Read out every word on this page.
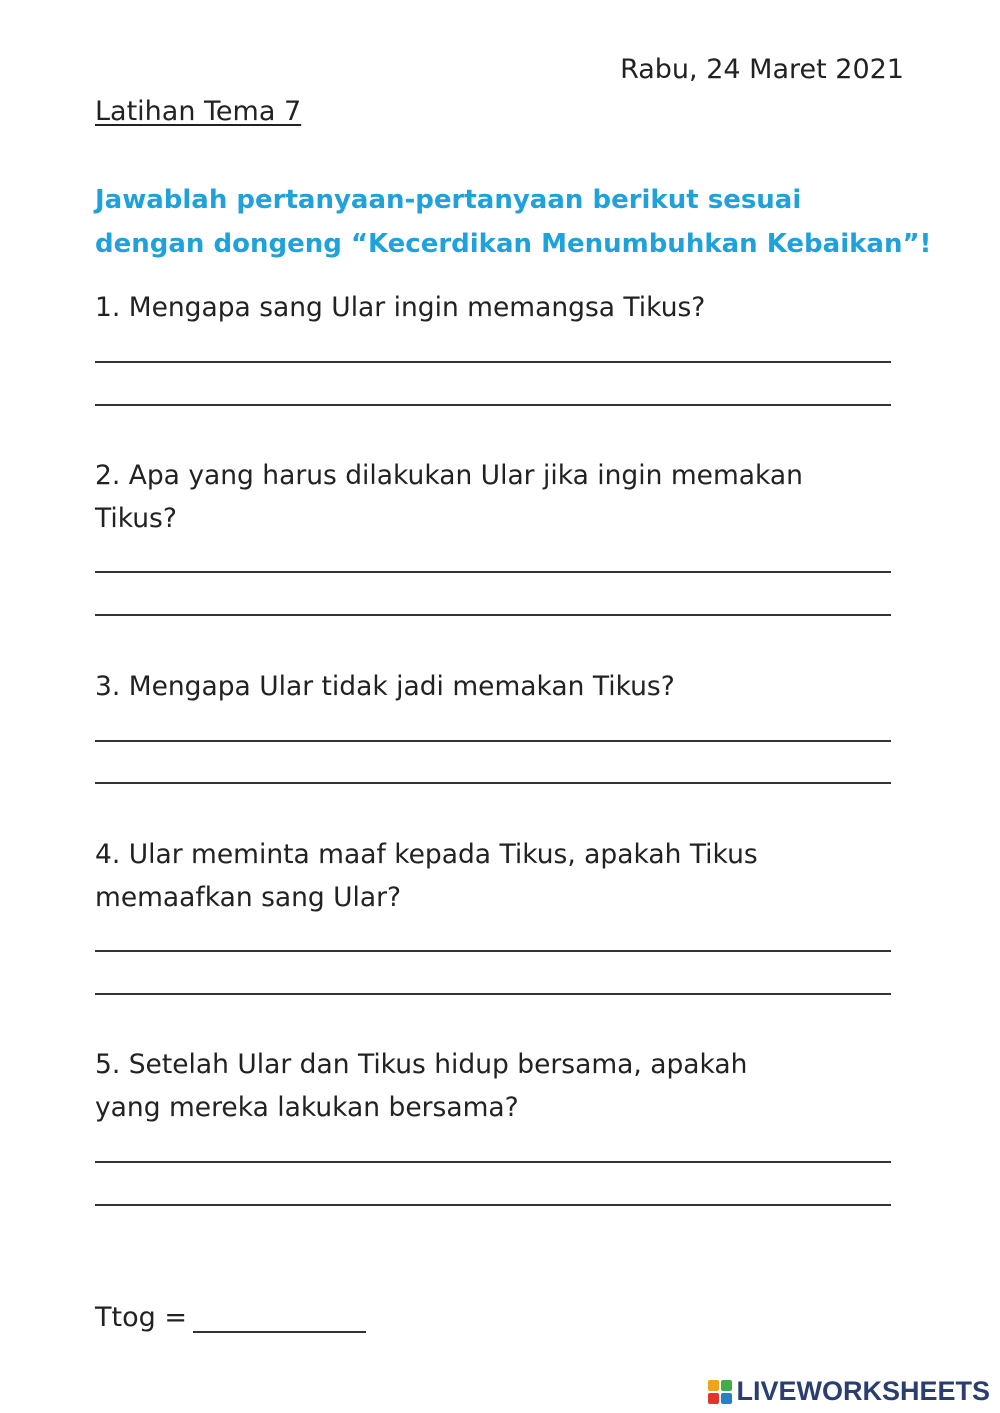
Rabu, 24 Maret 2021
Latihan Tema 7
Jawablah pertanyaan-pertanyaan berikut sesuai
dengan dongeng “Kecerdikan Menumbuhkan Kebaikan”!
1. Mengapa sang Ular ingin memangsa Tikus?
2. Apa yang harus dilakukan Ular jika ingin memakan
Tikus?
3. Mengapa Ular tidak jadi memakan Tikus?
4. Ular meminta maaf kepada Tikus, apakah Tikus
memaafkan sang Ular?
5. Setelah Ular dan Tikus hidup bersama, apakah
yang mereka lakukan bersama?
Ttog =
LIVEWORKSHEETS
